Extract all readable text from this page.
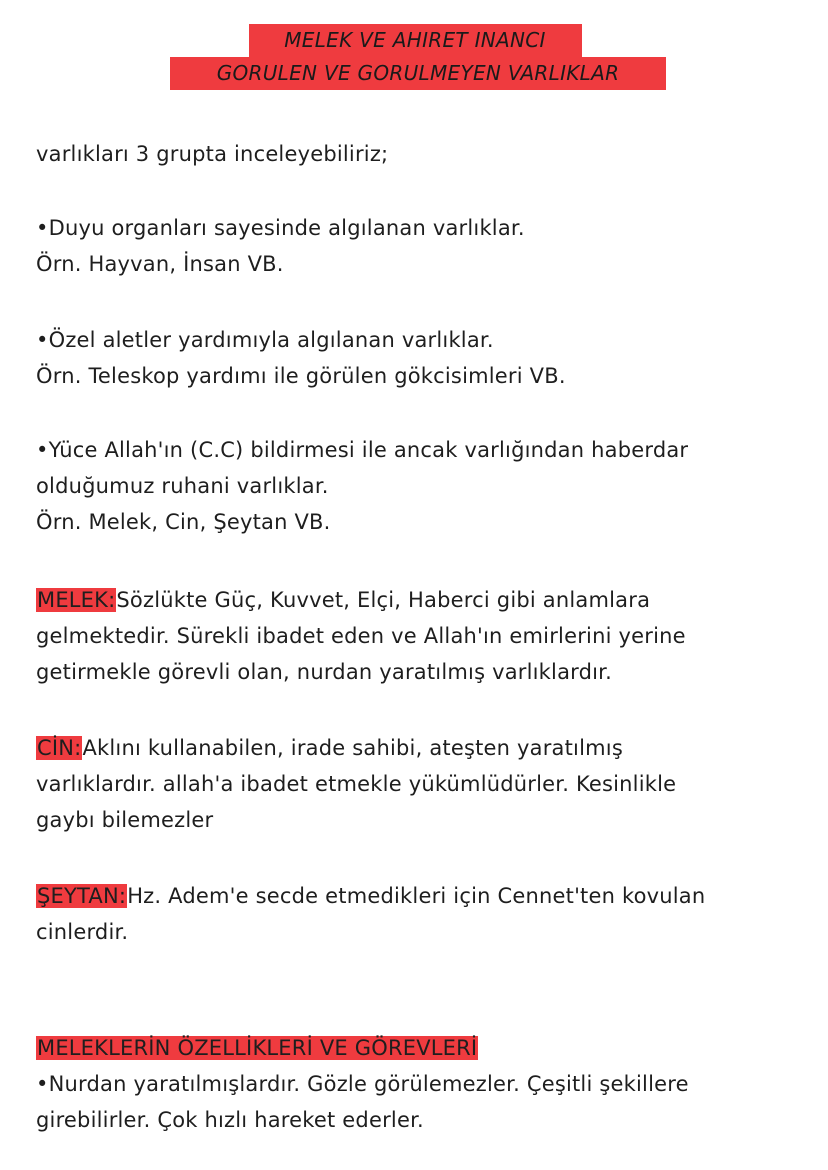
MELEK VE AHIRET INANCI
GORULEN VE GORULMEYEN VARLIKLAR

varlıkları 3 grupta inceleyebiliriz;

•Duyu organları sayesinde algılanan varlıklar.

Örn. Hayvan, İnsan VB.

•Özel aletler yardımıyla algılanan varlıklar.

Örn. Teleskop yardımı ile görülen gökcisimleri VB.

•Yüce Allah'ın (C.C) bildirmesi ile ancak varlığından haberdar

olduğumuz ruhani varlıklar.

Örn. Melek, Cin, Şeytan VB.

MELEK:Sözlükte Güç, Kuvvet, Elçi, Haberci gibi anlamlara

gelmektedir. Sürekli ibadet eden ve Allah'ın emirlerini yerine

getirmekle görevli olan, nurdan yaratılmış varlıklardır.

CİN:Aklını kullanabilen, irade sahibi, ateşten yaratılmış

varlıklardır. allah'a ibadet etmekle yükümlüdürler. Kesinlikle

gaybı bilemezler

ŞEYTAN:Hz. Adem'e secde etmedikleri için Cennet'ten kovulan

cinlerdir.

MELEKLERİN ÖZELLİKLERİ VE GÖREVLERİ

•Nurdan yaratılmışlardır. Gözle görülemezler. Çeşitli şekillere

girebilirler. Çok hızlı hareket ederler.
